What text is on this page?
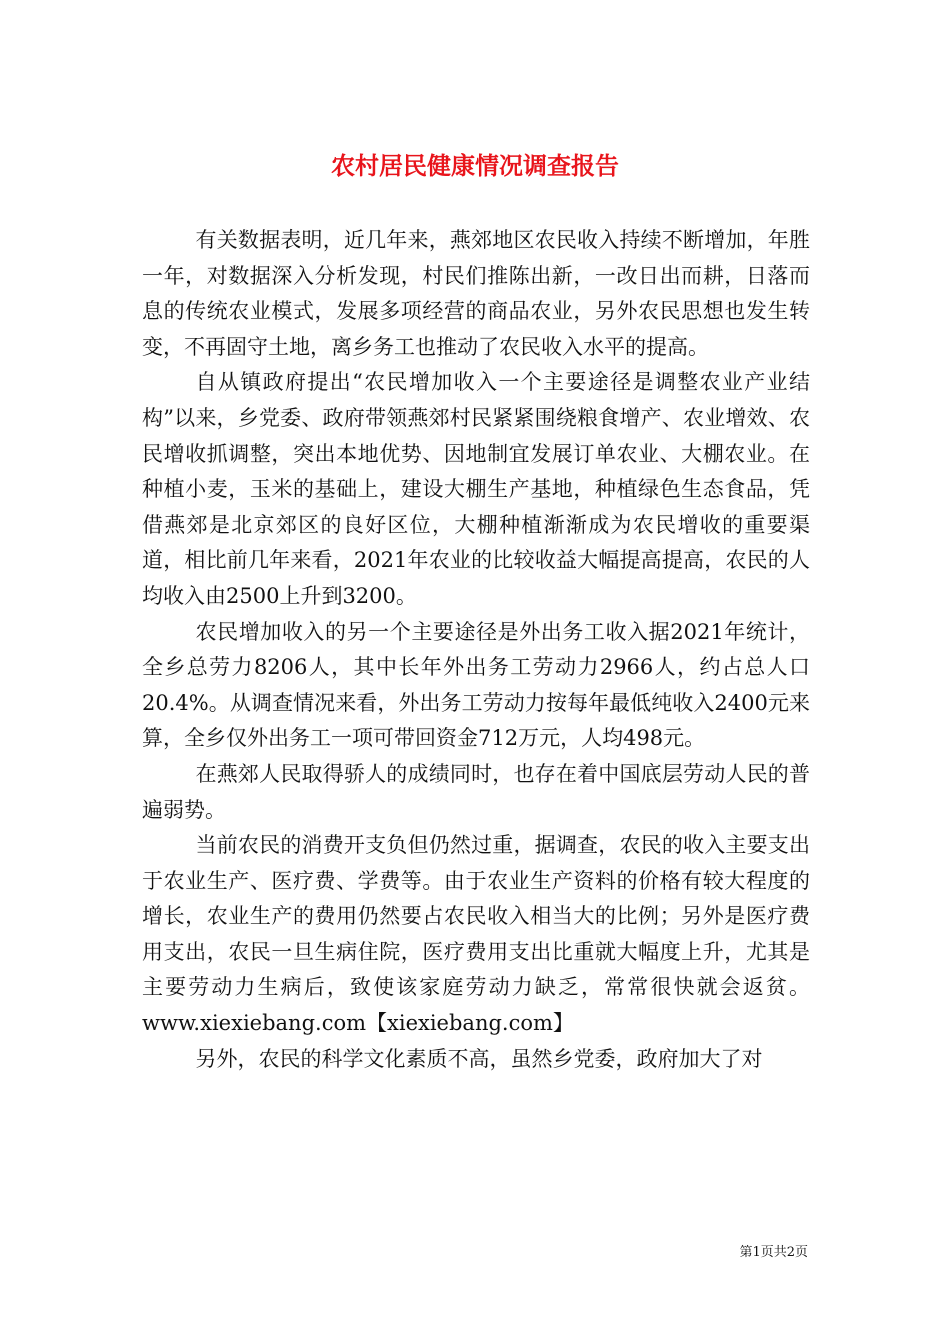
农村居民健康情况调查报告

有关数据表明，近几年来，燕郊地区农民收入持续不断增加，年胜一年，对数据深入分析发现，村民们推陈出新，一改日出而耕，日落而息的传统农业模式，发展多项经营的商品农业，另外农民思想也发生转变，不再固守土地，离乡务工也推动了农民收入水平的提高。

自从镇政府提出“农民增加收入一个主要途径是调整农业产业结构”以来，乡党委、政府带领燕郊村民紧紧围绕粮食增产、农业增效、农民增收抓调整，突出本地优势、因地制宜发展订单农业、大棚农业。在种植小麦，玉米的基础上，建设大棚生产基地，种植绿色生态食品，凭借燕郊是北京郊区的良好区位，大棚种植渐渐成为农民增收的重要渠道，相比前几年来看，2021年农业的比较收益大幅提高提高，农民的人均收入由2500上升到3200。

农民增加收入的另一个主要途径是外出务工收入据2021年统计，全乡总劳力8206人，其中长年外出务工劳动力2966人，约占总人口20.4%。从调查情况来看，外出务工劳动力按每年最低纯收入2400元来算，全乡仅外出务工一项可带回资金712万元，人均498元。

在燕郊人民取得骄人的成绩同时，也存在着中国底层劳动人民的普遍弱势。

当前农民的消费开支负但仍然过重，据调查，农民的收入主要支出于农业生产、医疗费、学费等。由于农业生产资料的价格有较大程度的增长，农业生产的费用仍然要占农民收入相当大的比例；另外是医疗费用支出，农民一旦生病住院，医疗费用支出比重就大幅度上升，尤其是主要劳动力生病后，致使该家庭劳动力缺乏，常常很快就会返贫。www.xiexiebang.com【xiexiebang.com】

另外，农民的科学文化素质不高，虽然乡党委，政府加大了对

第1页共2页
